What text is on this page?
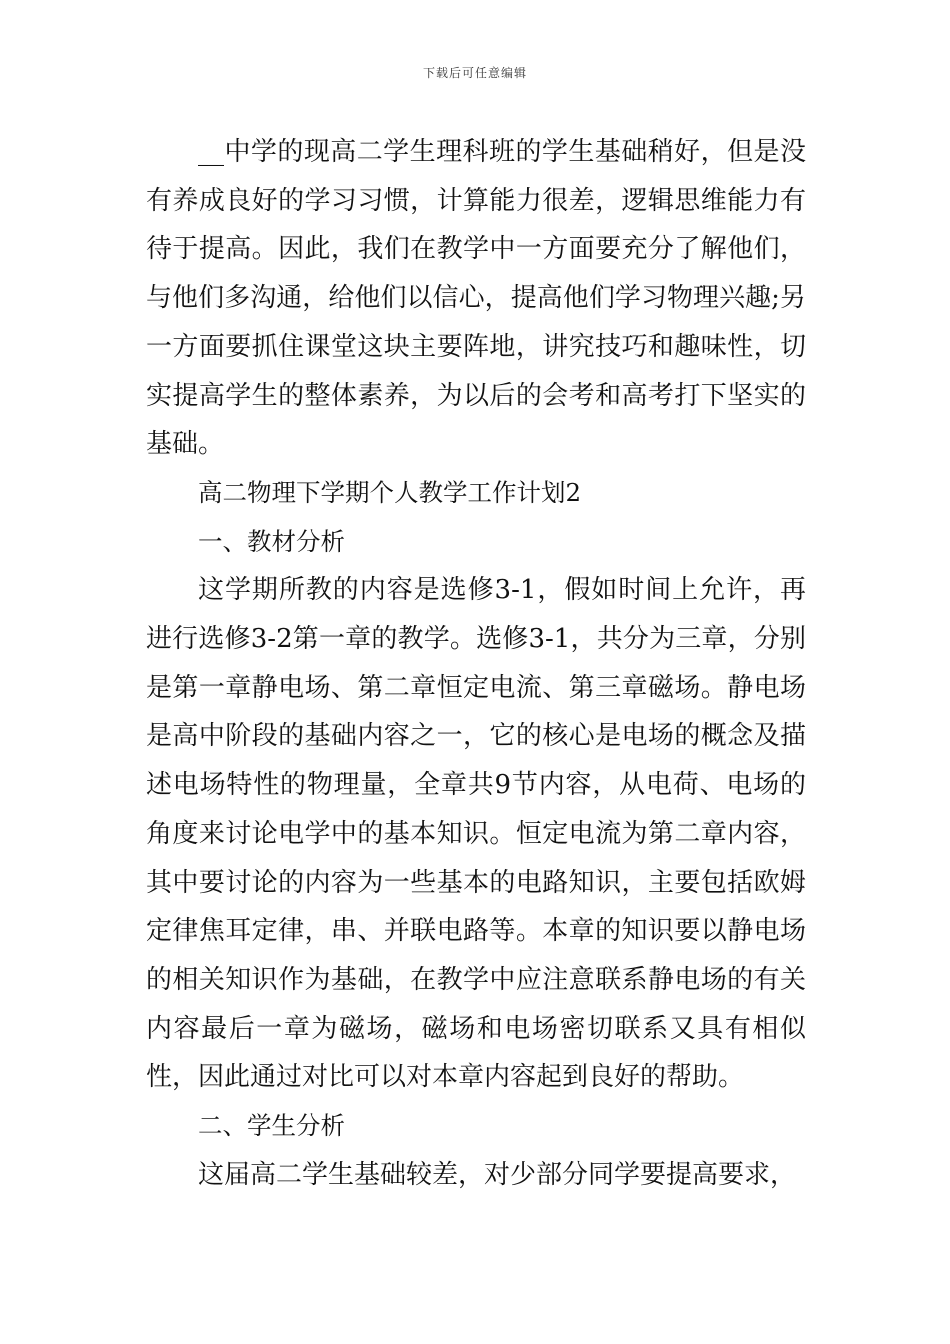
下载后可任意编辑

__中学的现高二学生理科班的学生基础稍好，但是没有养成良好的学习习惯，计算能力很差，逻辑思维能力有待于提高。因此，我们在教学中一方面要充分了解他们，与他们多沟通，给他们以信心，提高他们学习物理兴趣;另一方面要抓住课堂这块主要阵地，讲究技巧和趣味性，切实提高学生的整体素养，为以后的会考和高考打下坚实的基础。

高二物理下学期个人教学工作计划2

一、教材分析

这学期所教的内容是选修3-1，假如时间上允许，再进行选修3-2第一章的教学。选修3-1，共分为三章，分别是第一章静电场、第二章恒定电流、第三章磁场。静电场是高中阶段的基础内容之一，它的核心是电场的概念及描述电场特性的物理量，全章共9节内容，从电荷、电场的角度来讨论电学中的基本知识。恒定电流为第二章内容，其中要讨论的内容为一些基本的电路知识，主要包括欧姆定律焦耳定律，串、并联电路等。本章的知识要以静电场的相关知识作为基础，在教学中应注意联系静电场的有关内容最后一章为磁场，磁场和电场密切联系又具有相似性，因此通过对比可以对本章内容起到良好的帮助。

二、学生分析

这届高二学生基础较差，对少部分同学要提高要求，
